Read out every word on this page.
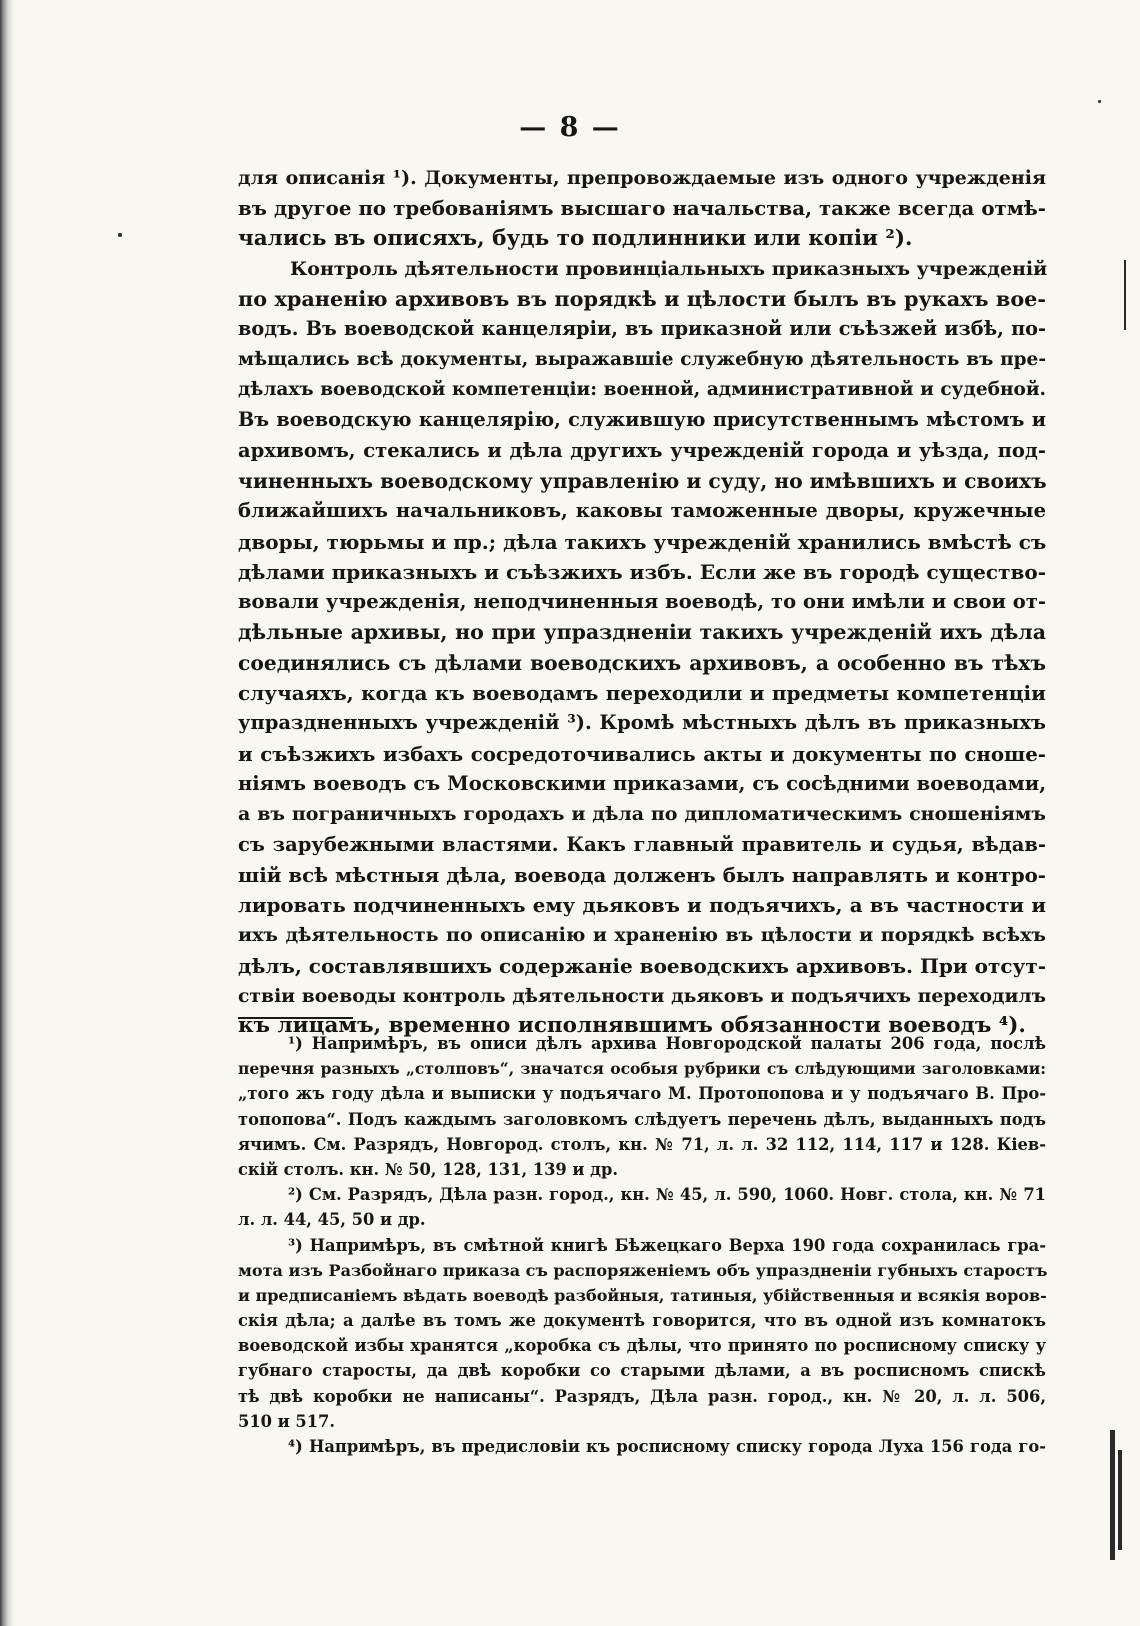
— 8 —
для описанія ¹). Документы, препровождаемые изъ одного учрежденія
въ другое по требованіямъ высшаго начальства, также всегда отмѣ-
чались въ описяхъ, будь то подлинники или копіи ²).
Контроль дѣятельности провинціальныхъ приказныхъ учрежденій
по храненію архивовъ въ порядкѣ и цѣлости былъ въ рукахъ вое-
водъ. Въ воеводской канцеляріи, въ приказной или съѣзжей избѣ, по-
мѣщались всѣ документы, выражавшіе служебную дѣятельность въ пре-
дѣлахъ воеводской компетенціи: военной, административной и судебной.
Въ воеводскую канцелярію, служившую присутственнымъ мѣстомъ и
архивомъ, стекались и дѣла другихъ учрежденій города и уѣзда, под-
чиненныхъ воеводскому управленію и суду, но имѣвшихъ и своихъ
ближайшихъ начальниковъ, каковы таможенные дворы, кружечные
дворы, тюрьмы и пр.; дѣла такихъ учрежденій хранились вмѣстѣ съ
дѣлами приказныхъ и съѣзжихъ избъ. Если же въ городѣ существо-
вовали учрежденія, неподчиненныя воеводѣ, то они имѣли и свои от-
дѣльные архивы, но при упраздненіи такихъ учрежденій ихъ дѣла
соединялись съ дѣлами воеводскихъ архивовъ, а особенно въ тѣхъ
случаяхъ, когда къ воеводамъ переходили и предметы компетенціи
упраздненныхъ учрежденій ³). Кромѣ мѣстныхъ дѣлъ въ приказныхъ
и съѣзжихъ избахъ сосредоточивались акты и документы по сноше-
ніямъ воеводъ съ Московскими приказами, съ сосѣдними воеводами,
а въ пограничныхъ городахъ и дѣла по дипломатическимъ сношеніямъ
съ зарубежными властями. Какъ главный правитель и судья, вѣдав-
шій всѣ мѣстныя дѣла, воевода долженъ былъ направлять и контро-
лировать подчиненныхъ ему дьяковъ и подъячихъ, а въ частности и
ихъ дѣятельность по описанію и храненію въ цѣлости и порядкѣ всѣхъ
дѣлъ, составлявшихъ содержаніе воеводскихъ архивовъ. При отсут-
ствіи воеводы контроль дѣятельности дьяковъ и подъячихъ переходилъ
къ лицамъ, временно исполнявшимъ обязанности воеводъ ⁴).
¹) Напримѣръ, въ описи дѣлъ архива Новгородской палаты 206 года, послѣ
перечня разныхъ „столповъ“, значатся особыя рубрики съ слѣдующими заголовками:
„того жъ году дѣла и выписки у подъячаго М. Протопопова и у подъячаго В. Про-
топопова“. Подъ каждымъ заголовкомъ слѣдуетъ перечень дѣлъ, выданныхъ подъ
ячимъ. См. Разрядъ, Новгород. столъ, кн. № 71, л. л. 32 112, 114, 117 и 128. Кіев-
скій столъ. кн. № 50, 128, 131, 139 и др.
²) См. Разрядъ, Дѣла разн. город., кн. № 45, л. 590, 1060. Новг. стола, кн. № 71
л. л. 44, 45, 50 и др.
³) Напримѣръ, въ смѣтной книгѣ Бѣжецкаго Верха 190 года сохранилась гра-
мота изъ Разбойнаго приказа съ распоряженіемъ объ упраздненіи губныхъ старостъ
и предписаніемъ вѣдать воеводѣ разбойныя, татиныя, убійственныя и всякія воров-
скія дѣла; а далѣе въ томъ же документѣ говорится, что въ одной изъ комнатокъ
воеводской избы хранятся „коробка съ дѣлы, что принято по росписному списку у
губнаго старосты, да двѣ коробки со старыми дѣлами, а въ росписномъ спискѣ
тѣ двѣ коробки не написаны“. Разрядъ, Дѣла разн. город., кн. № 20, л. л. 506,
510 и 517.
⁴) Напримѣръ, въ предисловіи къ росписному списку города Луха 156 года го-
